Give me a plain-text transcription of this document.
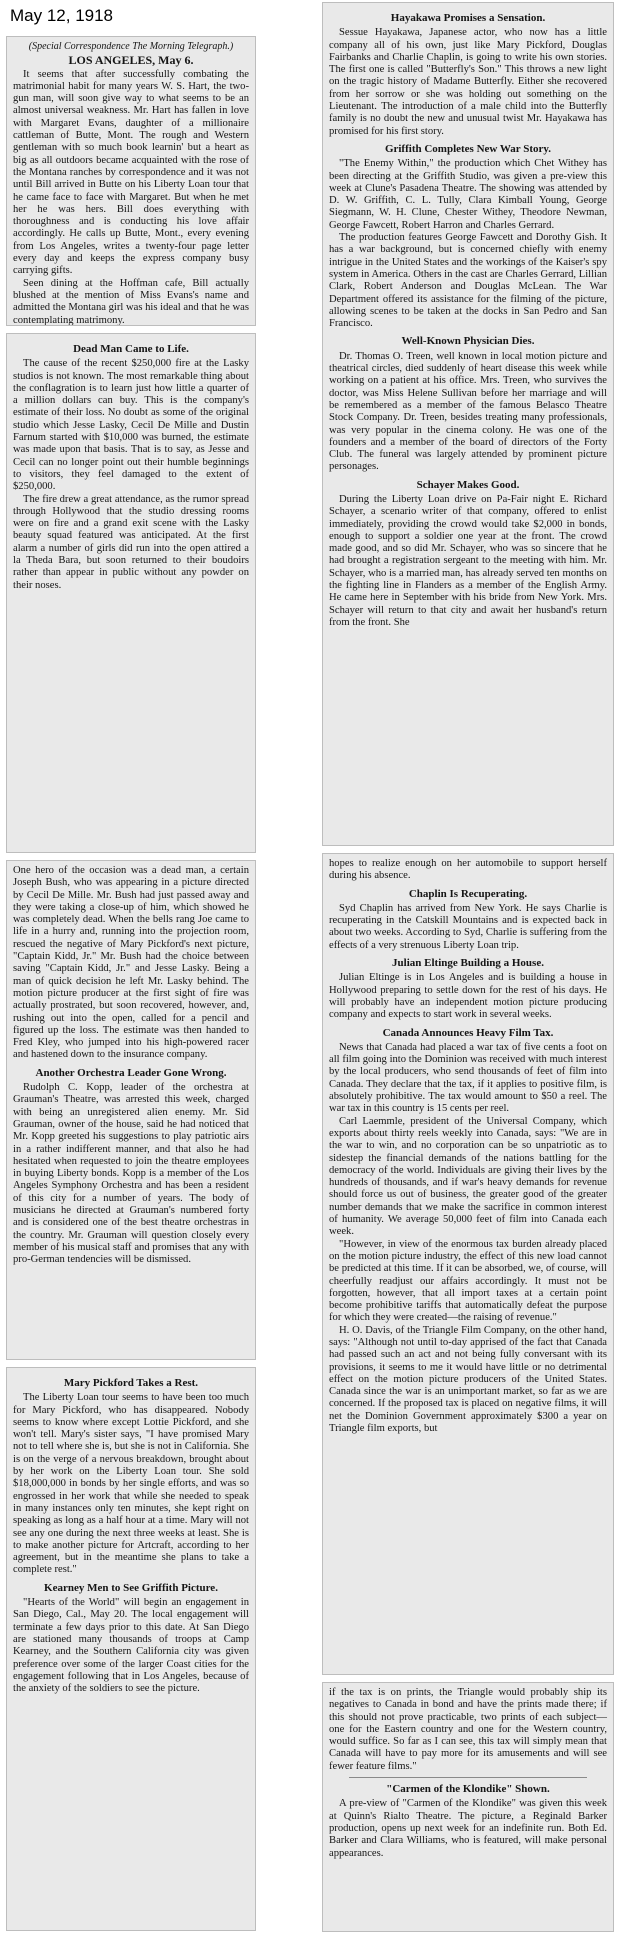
May 12, 1918

(Special Correspondence The Morning Telegraph.)

LOS ANGELES, May 6.

It seems that after successfully combating the matrimonial habit for many years W. S. Hart, the two-gun man, will soon give way to what seems to be an almost universal weakness. Mr. Hart has fallen in love with Margaret Evans, daughter of a millionaire cattleman of Butte, Mont. The rough and Western gentleman with so much book learnin' but a heart as big as all outdoors became acquainted with the rose of the Montana ranches by correspondence and it was not until Bill arrived in Butte on his Liberty Loan tour that he came face to face with Margaret. But when he met her he was hers. Bill does everything with thoroughness and is conducting his love affair accordingly. He calls up Butte, Mont., every evening from Los Angeles, writes a twenty-four page letter every day and keeps the express company busy carrying gifts.

Seen dining at the Hoffman cafe, Bill actually blushed at the mention of Miss Evans's name and admitted the Montana girl was his ideal and that he was contemplating matrimony.

Dead Man Came to Life.

The cause of the recent $250,000 fire at the Lasky studios is not known. The most remarkable thing about the conflagration is to learn just how little a quarter of a million dollars can buy. This is the company's estimate of their loss. No doubt as some of the original studio which Jesse Lasky, Cecil De Mille and Dustin Farnum started with $10,000 was burned, the estimate was made upon that basis. That is to say, as Jesse and Cecil can no longer point out their humble beginnings to visitors, they feel damaged to the extent of $250,000.

The fire drew a great attendance, as the rumor spread through Hollywood that the studio dressing rooms were on fire and a grand exit scene with the Lasky beauty squad featured was anticipated. At the first alarm a number of girls did run into the open attired a la Theda Bara, but soon returned to their boudoirs rather than appear in public without any powder on their noses.

One hero of the occasion was a dead man, a certain Joseph Bush, who was appearing in a picture directed by Cecil De Mille. Mr. Bush had just passed away and they were taking a close-up of him, which showed he was completely dead. When the bells rang Joe came to life in a hurry and, running into the projection room, rescued the negative of Mary Pickford's next picture, "Captain Kidd, Jr." Mr. Bush had the choice between saving "Captain Kidd, Jr." and Jesse Lasky. Being a man of quick decision he left Mr. Lasky behind. The motion picture producer at the first sight of fire was actually prostrated, but soon recovered, however, and, rushing out into the open, called for a pencil and figured up the loss. The estimate was then handed to Fred Kley, who jumped into his high-powered racer and hastened down to the insurance company.

Another Orchestra Leader Gone Wrong.

Rudolph C. Kopp, leader of the orchestra at Grauman's Theatre, was arrested this week, charged with being an unregistered alien enemy. Mr. Sid Grauman, owner of the house, said he had noticed that Mr. Kopp greeted his suggestions to play patriotic airs in a rather indifferent manner, and that also he had hesitated when requested to join the theatre employees in buying Liberty bonds. Kopp is a member of the Los Angeles Symphony Orchestra and has been a resident of this city for a number of years. The body of musicians he directed at Grauman's numbered forty and is considered one of the best theatre orchestras in the country. Mr. Grauman will question closely every member of his musical staff and promises that any with pro-German tendencies will be dismissed.

Mary Pickford Takes a Rest.

The Liberty Loan tour seems to have been too much for Mary Pickford, who has disappeared. Nobody seems to know where except Lottie Pickford, and she won't tell. Mary's sister says, "I have promised Mary not to tell where she is, but she is not in California. She is on the verge of a nervous breakdown, brought about by her work on the Liberty Loan tour. She sold $18,000,000 in bonds by her single efforts, and was so engrossed in her work that while she needed to speak in many instances only ten minutes, she kept right on speaking as long as a half hour at a time. Mary will not see any one during the next three weeks at least. She is to make another picture for Artcraft, according to her agreement, but in the meantime she plans to take a complete rest."

Kearney Men to See Griffith Picture.

"Hearts of the World" will begin an engagement in San Diego, Cal., May 20. The local engagement will terminate a few days prior to this date. At San Diego are stationed many thousands of troops at Camp Kearney, and the Southern California city was given preference over some of the larger Coast cities for the engagement following that in Los Angeles, because of the anxiety of the soldiers to see the picture.

Hayakawa Promises a Sensation.

Sessue Hayakawa, Japanese actor, who now has a little company all of his own, just like Mary Pickford, Douglas Fairbanks and Charlie Chaplin, is going to write his own stories. The first one is called "Butterfly's Son." This throws a new light on the tragic history of Madame Butterfly. Either she recovered from her sorrow or she was holding out something on the Lieutenant. The introduction of a male child into the Butterfly family is no doubt the new and unusual twist Mr. Hayakawa has promised for his first story.

Griffith Completes New War Story.

"The Enemy Within," the production which Chet Withey has been directing at the Griffith Studio, was given a pre-view this week at Clune's Pasadena Theatre. The showing was attended by D. W. Griffith, C. L. Tully, Clara Kimball Young, George Siegmann, W. H. Clune, Chester Withey, Theodore Newman, George Fawcett, Robert Harron and Charles Gerrard.

The production features George Fawcett and Dorothy Gish. It has a war background, but is concerned chiefly with enemy intrigue in the United States and the workings of the Kaiser's spy system in America. Others in the cast are Charles Gerrard, Lillian Clark, Robert Anderson and Douglas McLean. The War Department offered its assistance for the filming of the picture, allowing scenes to be taken at the docks in San Pedro and San Francisco.

Well-Known Physician Dies.

Dr. Thomas O. Treen, well known in local motion picture and theatrical circles, died suddenly of heart disease this week while working on a patient at his office. Mrs. Treen, who survives the doctor, was Miss Helene Sullivan before her marriage and will be remembered as a member of the famous Belasco Theatre Stock Company. Dr. Treen, besides treating many professionals, was very popular in the cinema colony. He was one of the founders and a member of the board of directors of the Forty Club. The funeral was largely attended by prominent picture personages.

Schayer Makes Good.

During the Liberty Loan drive on Pa-Fair night E. Richard Schayer, a scenario writer of that company, offered to enlist immediately, providing the crowd would take $2,000 in bonds, enough to support a soldier one year at the front. The crowd made good, and so did Mr. Schayer, who was so sincere that he had brought a registration sergeant to the meeting with him. Mr. Schayer, who is a married man, has already served ten months on the fighting line in Flanders as a member of the English Army. He came here in September with his bride from New York. Mrs. Schayer will return to that city and await her husband's return from the front. She

hopes to realize enough on her automobile to support herself during his absence.

Chaplin Is Recuperating.

Syd Chaplin has arrived from New York. He says Charlie is recuperating in the Catskill Mountains and is expected back in about two weeks. According to Syd, Charlie is suffering from the effects of a very strenuous Liberty Loan trip.

Julian Eltinge Building a House.

Julian Eltinge is in Los Angeles and is building a house in Hollywood preparing to settle down for the rest of his days. He will probably have an independent motion picture producing company and expects to start work in several weeks.

Canada Announces Heavy Film Tax.

News that Canada had placed a war tax of five cents a foot on all film going into the Dominion was received with much interest by the local producers, who send thousands of feet of film into Canada. They declare that the tax, if it applies to positive film, is absolutely prohibitive. The tax would amount to $50 a reel. The war tax in this country is 15 cents per reel.

Carl Laemmle, president of the Universal Company, which exports about thirty reels weekly into Canada, says: "We are in the war to win, and no corporation can be so unpatriotic as to sidestep the financial demands of the nations battling for the democracy of the world. Individuals are giving their lives by the hundreds of thousands, and if war's heavy demands for revenue should force us out of business, the greater good of the greater number demands that we make the sacrifice in common interest of humanity. We average 50,000 feet of film into Canada each week.

"However, in view of the enormous tax burden already placed on the motion picture industry, the effect of this new load cannot be predicted at this time. If it can be absorbed, we, of course, will cheerfully readjust our affairs accordingly. It must not be forgotten, however, that all import taxes at a certain point become prohibitive tariffs that automatically defeat the purpose for which they were created—the raising of revenue."

H. O. Davis, of the Triangle Film Company, on the other hand, says: "Although not until to-day apprised of the fact that Canada had passed such an act and not being fully conversant with its provisions, it seems to me it would have little or no detrimental effect on the motion picture producers of the United States. Canada since the war is an unimportant market, so far as we are concerned. If the proposed tax is placed on negative films, it will net the Dominion Government approximately $300 a year on Triangle film exports, but

if the tax is on prints, the Triangle would probably ship its negatives to Canada in bond and have the prints made there; if this should not prove practicable, two prints of each subject—one for the Eastern country and one for the Western country, would suffice. So far as I can see, this tax will simply mean that Canada will have to pay more for its amusements and will see fewer feature films."

"Carmen of the Klondike" Shown.

A pre-view of "Carmen of the Klondike" was given this week at Quinn's Rialto Theatre. The picture, a Reginald Barker production, opens up next week for an indefinite run. Both Ed. Barker and Clara Williams, who is featured, will make personal appearances.
